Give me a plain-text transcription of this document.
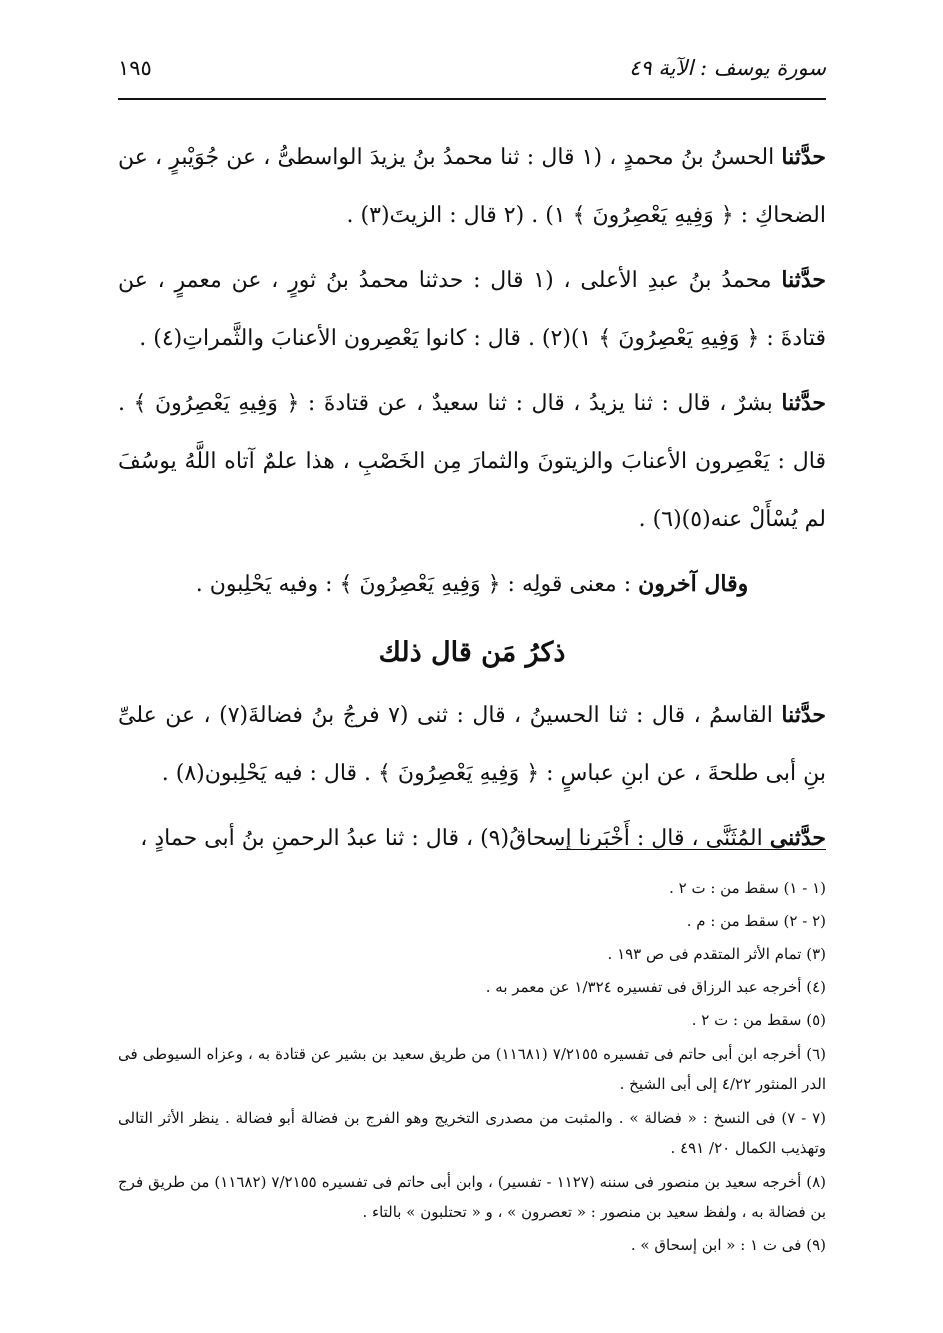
سورة يوسف : الآية ٤٩
١٩٥

حدَّثنا الحسنُ بنُ محمدٍ ، (١ قال : ثنا محمدُ بنُ يزيدَ الواسطىُّ ، عن جُوَيْبرٍ ، عن الضحاكِ : ﴿ وَفِيهِ يَعْصِرُونَ ﴾ ١) . (٢ قال : الزيتَ(٣) .

حدَّثنا محمدُ بنُ عبدِ الأعلى ، (١ قال : حدثنا محمدُ بنُ ثورٍ ، عن معمرٍ ، عن قتادةَ : ﴿ وَفِيهِ يَعْصِرُونَ ﴾ ١)(٢) . قال : كانوا يَعْصِرون الأعنابَ والثَّمراتِ(٤) .

حدَّثنا بشرٌ ، قال : ثنا يزيدُ ، قال : ثنا سعيدٌ ، عن قتادةَ : ﴿ وَفِيهِ يَعْصِرُونَ ﴾ . قال : يَعْصِرون الأعنابَ والزيتونَ والثمارَ مِن الخَصْبِ ، هذا علمٌ آتاه اللَّهُ يوسُفَ لم يُسْأَلْ عنه(٥)(٦) .

وقال آخرون : معنى قولِه : ﴿ وَفِيهِ يَعْصِرُونَ ﴾ : وفيه يَحْلِبون .

ذكرُ مَن قال ذلك

حدَّثنا القاسمُ ، قال : ثنا الحسينُ ، قال : ثنى (٧ فرجُ بنُ فضالةَ(٧) ، عن علىِّ بنِ أبى طلحةَ ، عن ابنِ عباسٍ : ﴿ وَفِيهِ يَعْصِرُونَ ﴾ . قال : فيه يَحْلِبون(٨) .

حدَّثنى المُثَنَّى ، قال : أَخْبَرنا إسحاقُ(٩) ، قال : ثنا عبدُ الرحمنِ بنُ أبى حمادٍ ،

(١ - ١) سقط من : ت ٢ .

(٢ - ٢) سقط من : م .

(٣) تمام الأثر المتقدم فى ص ١٩٣ .

(٤) أخرجه عبد الرزاق فى تفسيره ١/٣٢٤ عن معمر به .

(٥) سقط من : ت ٢ .

(٦) أخرجه ابن أبى حاتم فى تفسيره ٧/٢١٥٥ (١١٦٨١) من طريق سعيد بن بشير عن قتادة به ، وعزاه السيوطى فى الدر المنثور ٤/٢٢ إلى أبى الشيخ .

(٧ - ٧) فى النسخ : « فضالة » . والمثبت من مصدرى التخريج وهو الفرج بن فضالة أبو فضالة . ينظر الأثر التالى وتهذيب الكمال ٢٠/ ٤٩١ .

(٨) أخرجه سعيد بن منصور فى سننه (١١٢٧ - تفسير) ، وابن أبى حاتم فى تفسيره ٧/٢١٥٥ (١١٦٨٢) من طريق فرج بن فضالة به ، ولفظ سعيد بن منصور : « تعصرون » ، و « تحتلبون » بالتاء .

(٩) فى ت ١ : « ابن إسحاق » .
